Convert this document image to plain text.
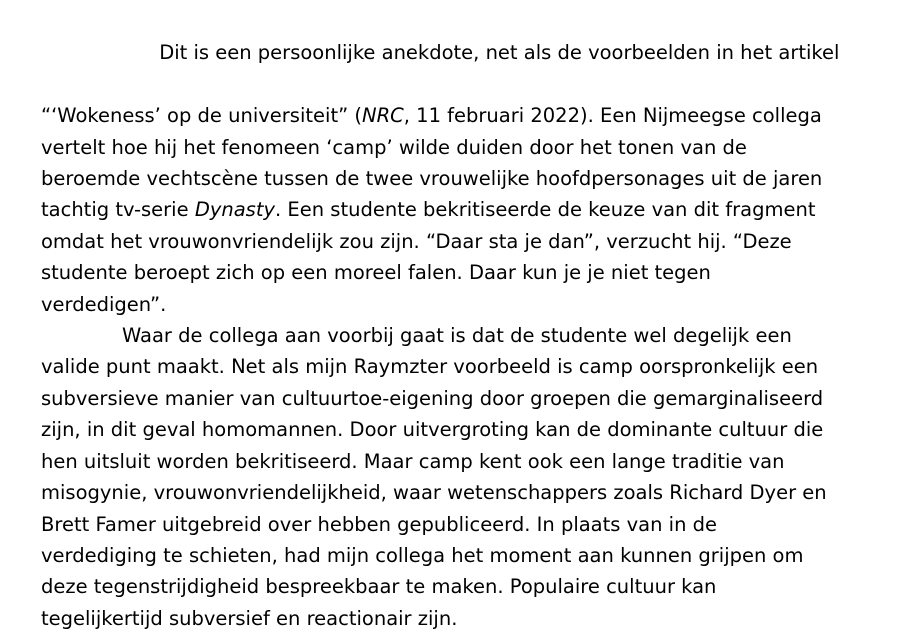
Dit is een persoonlijke anekdote, net als de voorbeelden in het artikel

“‘Wokeness’ op de universiteit” (NRC, 11 februari 2022). Een Nijmeegse collega
vertelt hoe hij het fenomeen ‘camp’ wilde duiden door het tonen van de
beroemde vechtscène tussen de twee vrouwelijke hoofdpersonages uit de jaren
tachtig tv-serie Dynasty. Een studente bekritiseerde de keuze van dit fragment
omdat het vrouwonvriendelijk zou zijn. “Daar sta je dan”, verzucht hij. “Deze
studente beroept zich op een moreel falen. Daar kun je je niet tegen
verdedigen”.
Waar de collega aan voorbij gaat is dat de studente wel degelijk een
valide punt maakt. Net als mijn Raymzter voorbeeld is camp oorspronkelijk een
subversieve manier van cultuurtoe-eigening door groepen die gemarginaliseerd
zijn, in dit geval homomannen. Door uitvergroting kan de dominante cultuur die
hen uitsluit worden bekritiseerd. Maar camp kent ook een lange traditie van
misogynie, vrouwonvriendelijkheid, waar wetenschappers zoals Richard Dyer en
Brett Famer uitgebreid over hebben gepubliceerd. In plaats van in de
verdediging te schieten, had mijn collega het moment aan kunnen grijpen om
deze tegenstrijdigheid bespreekbaar te maken. Populaire cultuur kan
tegelijkertijd subversief en reactionair zijn.
